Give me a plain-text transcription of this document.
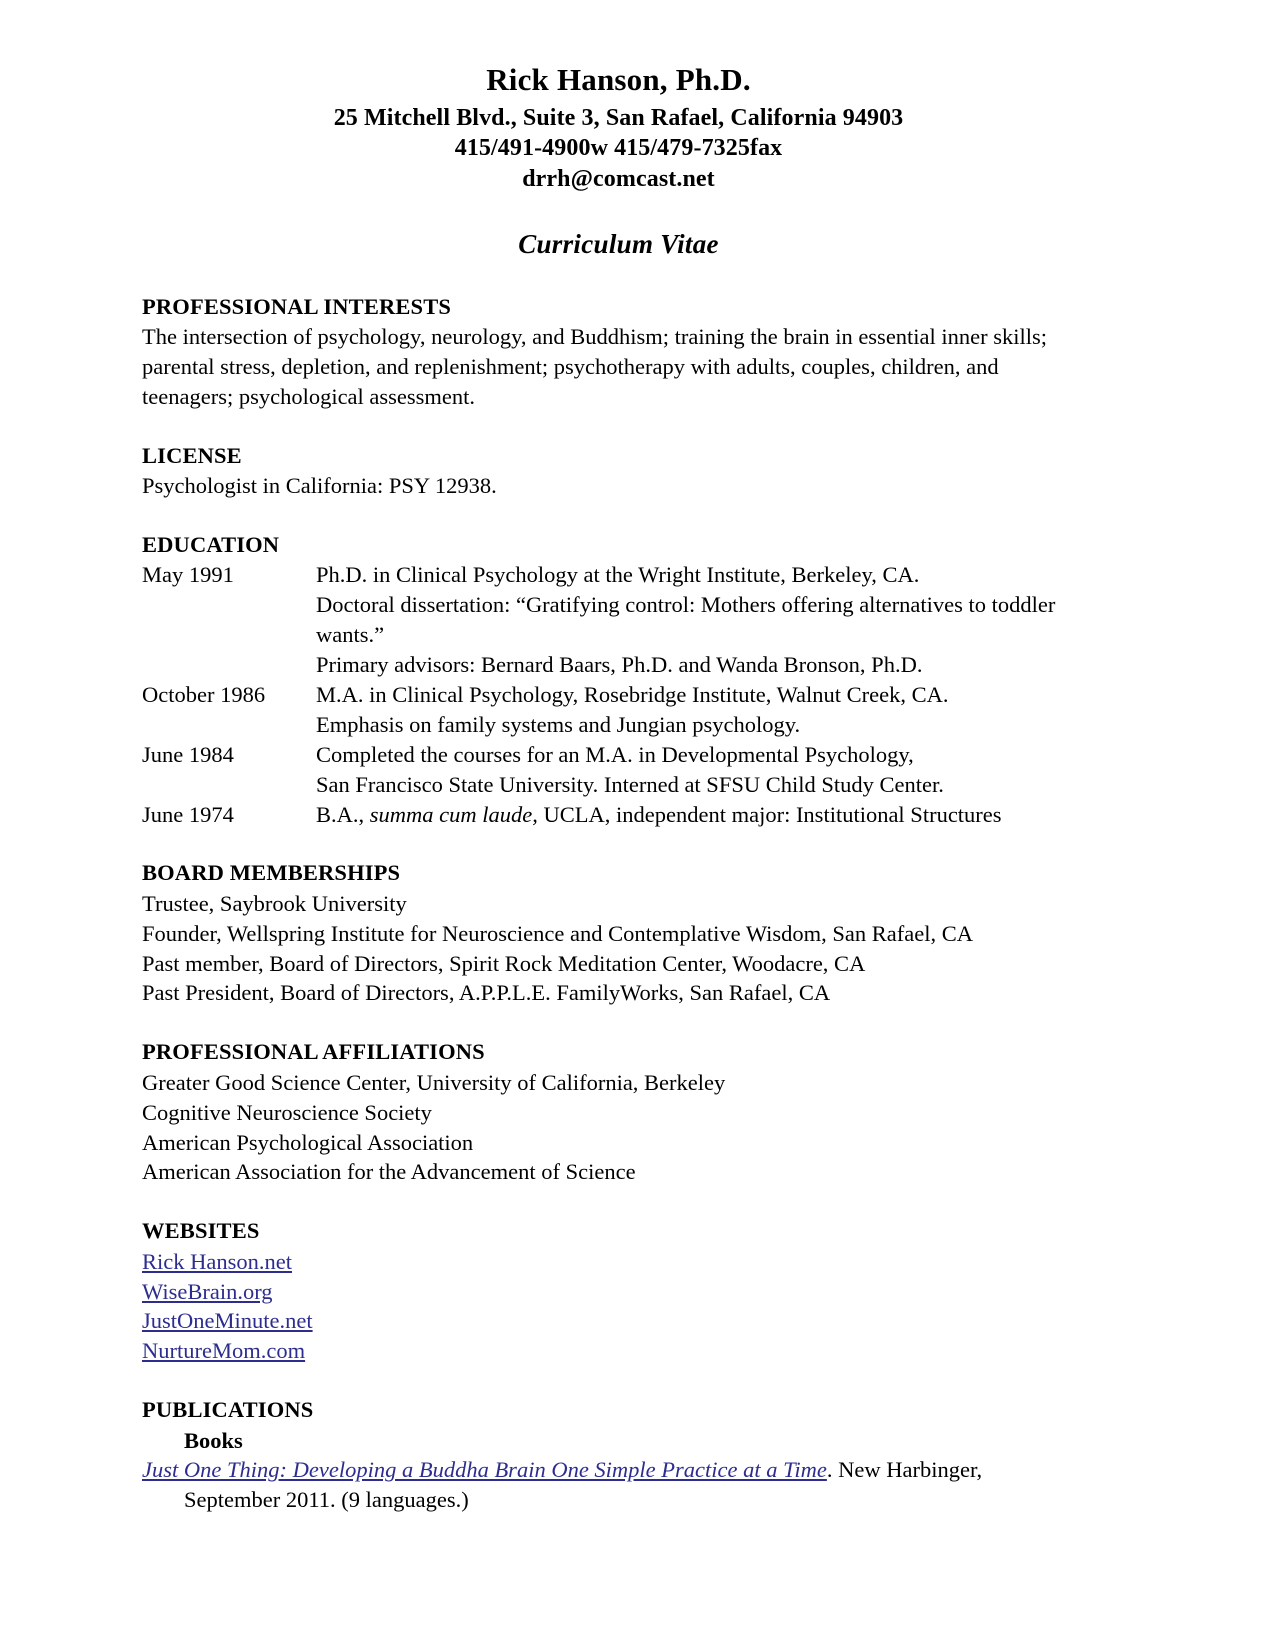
Rick Hanson, Ph.D.
25 Mitchell Blvd., Suite 3, San Rafael, California 94903
415/491-4900w 415/479-7325fax
drrh@comcast.net
Curriculum Vitae
PROFESSIONAL INTERESTS

The intersection of psychology, neurology, and Buddhism; training the brain in essential inner skills; parental stress, depletion, and replenishment; psychotherapy with adults, couples, children, and teenagers; psychological assessment.

LICENSE

Psychologist in California: PSY 12938.

EDUCATION
May 1991	Ph.D. in Clinical Psychology at the Wright Institute, Berkeley, CA.
Doctoral dissertation: “Gratifying control: Mothers offering alternatives to toddler wants.”
Primary advisors: Bernard Baars, Ph.D. and Wanda Bronson, Ph.D.

October 1986	M.A. in Clinical Psychology, Rosebridge Institute, Walnut Creek, CA.
Emphasis on family systems and Jungian psychology.

June 1984	Completed the courses for an M.A. in Developmental Psychology,
San Francisco State University. Interned at SFSU Child Study Center.

June 1974	B.A., summa cum laude, UCLA, independent major: Institutional Structures
BOARD MEMBERSHIPS

Trustee, Saybrook University

Founder, Wellspring Institute for Neuroscience and Contemplative Wisdom, San Rafael, CA

Past member, Board of Directors, Spirit Rock Meditation Center, Woodacre, CA

Past President, Board of Directors, A.P.P.L.E. FamilyWorks, San Rafael, CA

PROFESSIONAL AFFILIATIONS

Greater Good Science Center, University of California, Berkeley

Cognitive Neuroscience Society

American Psychological Association

American Association for the Advancement of Science

WEBSITES
Rick Hanson.net
WiseBrain.org
JustOneMinute.net
NurtureMom.com
PUBLICATIONS
Books

Just One Thing: Developing a Buddha Brain One Simple Practice at a Time. New Harbinger,
September 2011. (9 languages.)
